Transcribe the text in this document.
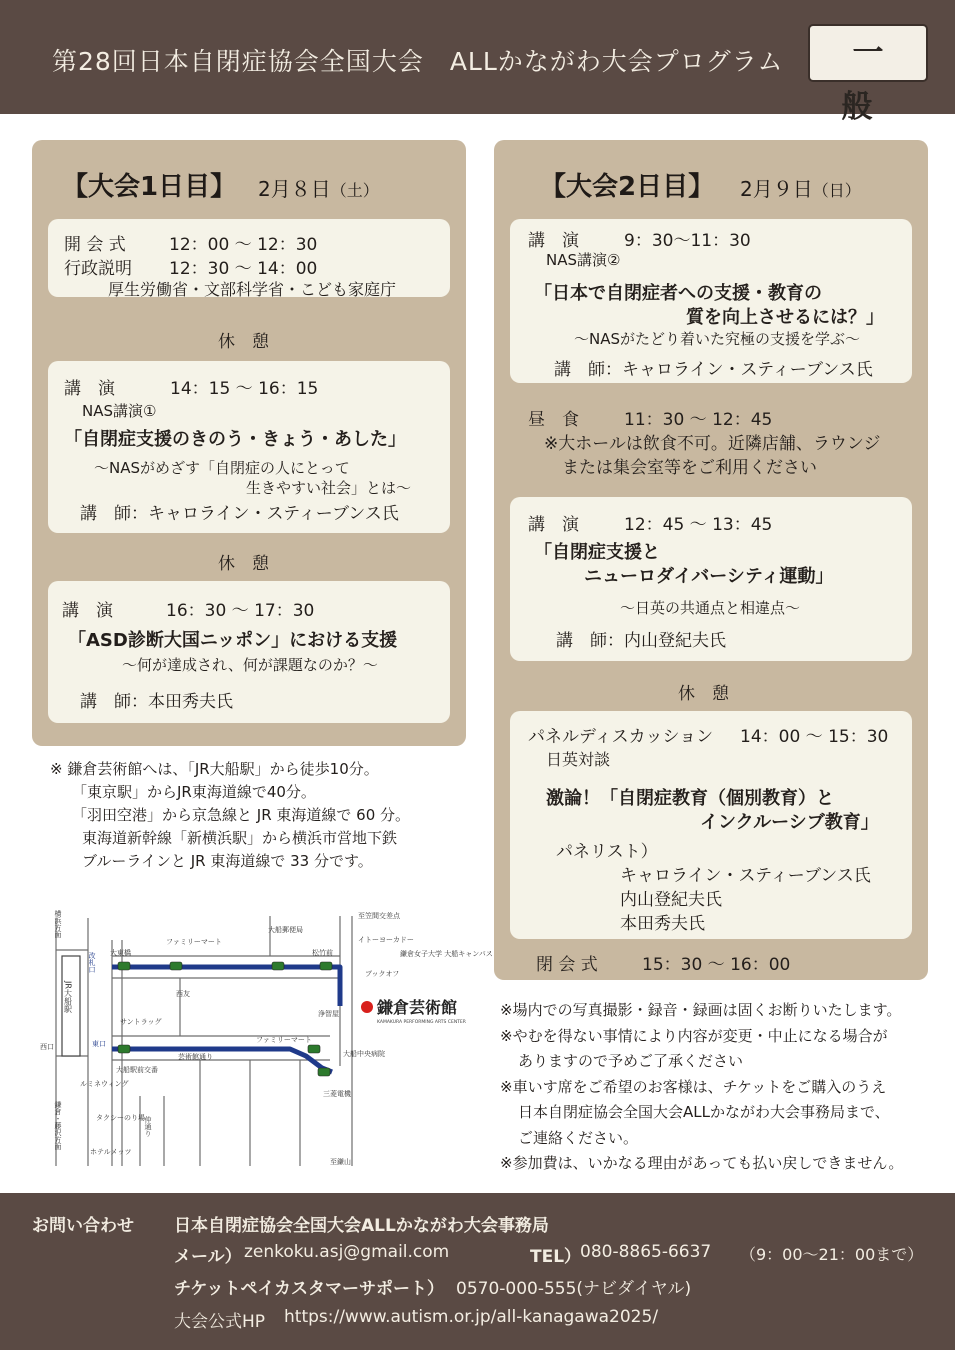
第28回日本自閉症協会全国大会　ALLかながわ大会プログラム	一般
【大会1日目】 2月８日（土）
開 会 式	12：00 〜 12：30
行政説明 12：30 〜 14：00
厚生労働省・文部科学省・こども家庭庁
休　憩
講　演	14：15 〜 16：15
NAS講演①
「自閉症支援のきのう・きょう・あした」
〜NASがめざす「自閉症の人にとって
生きやすい社会」とは〜
講　師：キャロライン・スティーブンス氏
休　憩
講　演	16：30 〜 17：30
「ASD診断大国ニッポン」における支援
〜何が達成され、何が課題なのか？〜
講　師：本田秀夫氏
※ 鎌倉芸術館へは、「JR大船駅」から徒歩10分。
「東京駅」からJR東海道線で40分。
「羽田空港」から京急線と JR 東海道線で 60 分。
東海道新幹線「新横浜駅」から横浜市営地下鉄
ブルーラインと JR 東海道線で 33 分です。
鎌倉芸術館
KAMAKURA PERFORMING ARTS CENTER
JR大船駅
横浜方面
鎌倉・藤沢方面
西口	東口
改札口 大東橋
ファミリーマート
西友
大船郵便局
松竹前
イトーヨーカドー
至笠間交差点
鎌倉女子大学 大船キャンパス
ブックオフ
サントラッグ
大船駅前交番
ファミリーマート
芸術館通り
浄智屋
大船中央病院
三菱電機
ルミネウィング
タクシーのり場 仲通り
ホテルメッツ
至鎌山
【大会2日目】 2月９日（日）
講　演	9：30〜11：30
NAS講演②
「日本で自閉症者への支援・教育の
質を向上させるには？」
〜NASがたどり着いた究極の支援を学ぶ〜
講　師：キャロライン・スティーブンス氏
昼　食	11：30 〜 12：45
※大ホールは飲食不可。近隣店舗、ラウンジ
または集会室等をご利用ください
講　演	12：45 〜 13：45
「自閉症支援と
ニューロダイバーシティ運動」
〜日英の共通点と相違点〜
講　師：内山登紀夫氏
休　憩
パネルディスカッション 14：00 〜 15：30
日英対談
激論！「自閉症教育（個別教育）と
インクルーシブ教育」
パネリスト）
キャロライン・スティーブンス氏
内山登紀夫氏
本田秀夫氏
閉 会 式	15：30 〜 16：00
※場内での写真撮影・録音・録画は固くお断りいたします。
※やむを得ない事情により内容が変更・中止になる場合が
ありますので予めご了承ください
※車いす席をご希望のお客様は、チケットをご購入のうえ
日本自閉症協会全国大会ALLかながわ大会事務局まで、
ご連絡ください。
※参加費は、いかなる理由があっても払い戻しできません。
お問い合わせ 日本自閉症協会全国大会ALLかながわ大会事務局
メール） zenkoku.asj@gmail.com	TEL）
080-8865-6637 （9：00〜21：00まで）
チケットペイカスタマーサポート） 0570-000-555(ナビダイヤル)
大会公式HP https://www.autism.or.jp/all-kanagawa2025/
